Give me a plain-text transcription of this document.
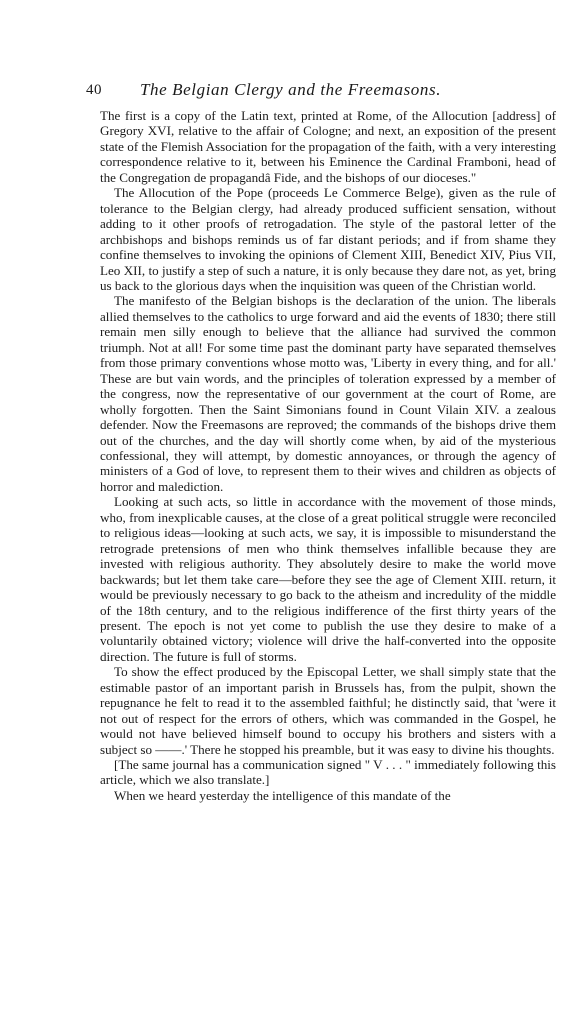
40 The Belgian Clergy and the Freemasons.

The first is a copy of the Latin text, printed at Rome, of the Allocution [address] of Gregory XVI, relative to the affair of Cologne; and next, an exposition of the present state of the Flemish Association for the propagation of the faith, with a very interesting correspondence relative to it, between his Eminence the Cardinal Framboni, head of the Congregation de propagandâ Fide, and the bishops of our dioceses."

The Allocution of the Pope (proceeds Le Commerce Belge), given as the rule of tolerance to the Belgian clergy, had already produced sufficient sensation, without adding to it other proofs of retrogadation. The style of the pastoral letter of the archbishops and bishops reminds us of far distant periods; and if from shame they confine themselves to invoking the opinions of Clement XIII, Benedict XIV, Pius VII, Leo XII, to justify a step of such a nature, it is only because they dare not, as yet, bring us back to the glorious days when the inquisition was queen of the Christian world.

The manifesto of the Belgian bishops is the declaration of the union. The liberals allied themselves to the catholics to urge forward and aid the events of 1830; there still remain men silly enough to believe that the alliance had survived the common triumph. Not at all! For some time past the dominant party have separated themselves from those primary conventions whose motto was, 'Liberty in every thing, and for all.' These are but vain words, and the principles of toleration expressed by a member of the congress, now the representative of our government at the court of Rome, are wholly forgotten. Then the Saint Simonians found in Count Vilain XIV. a zealous defender. Now the Freemasons are reproved; the commands of the bishops drive them out of the churches, and the day will shortly come when, by aid of the mysterious confessional, they will attempt, by domestic annoyances, or through the agency of ministers of a God of love, to represent them to their wives and children as objects of horror and malediction.

Looking at such acts, so little in accordance with the movement of those minds, who, from inexplicable causes, at the close of a great political struggle were reconciled to religious ideas—looking at such acts, we say, it is impossible to misunderstand the retrograde pretensions of men who think themselves infallible because they are invested with religious authority. They absolutely desire to make the world move backwards; but let them take care—before they see the age of Clement XIII. return, it would be previously necessary to go back to the atheism and incredulity of the middle of the 18th century, and to the religious indifference of the first thirty years of the present. The epoch is not yet come to publish the use they desire to make of a voluntarily obtained victory; violence will drive the half-converted into the opposite direction. The future is full of storms.

To show the effect produced by the Episcopal Letter, we shall simply state that the estimable pastor of an important parish in Brussels has, from the pulpit, shown the repugnance he felt to read it to the assembled faithful; he distinctly said, that 'were it not out of respect for the errors of others, which was commanded in the Gospel, he would not have believed himself bound to occupy his brothers and sisters with a subject so ——.' There he stopped his preamble, but it was easy to divine his thoughts.

[The same journal has a communication signed " V . . . " immediately following this article, which we also translate.]

When we heard yesterday the intelligence of this mandate of the
